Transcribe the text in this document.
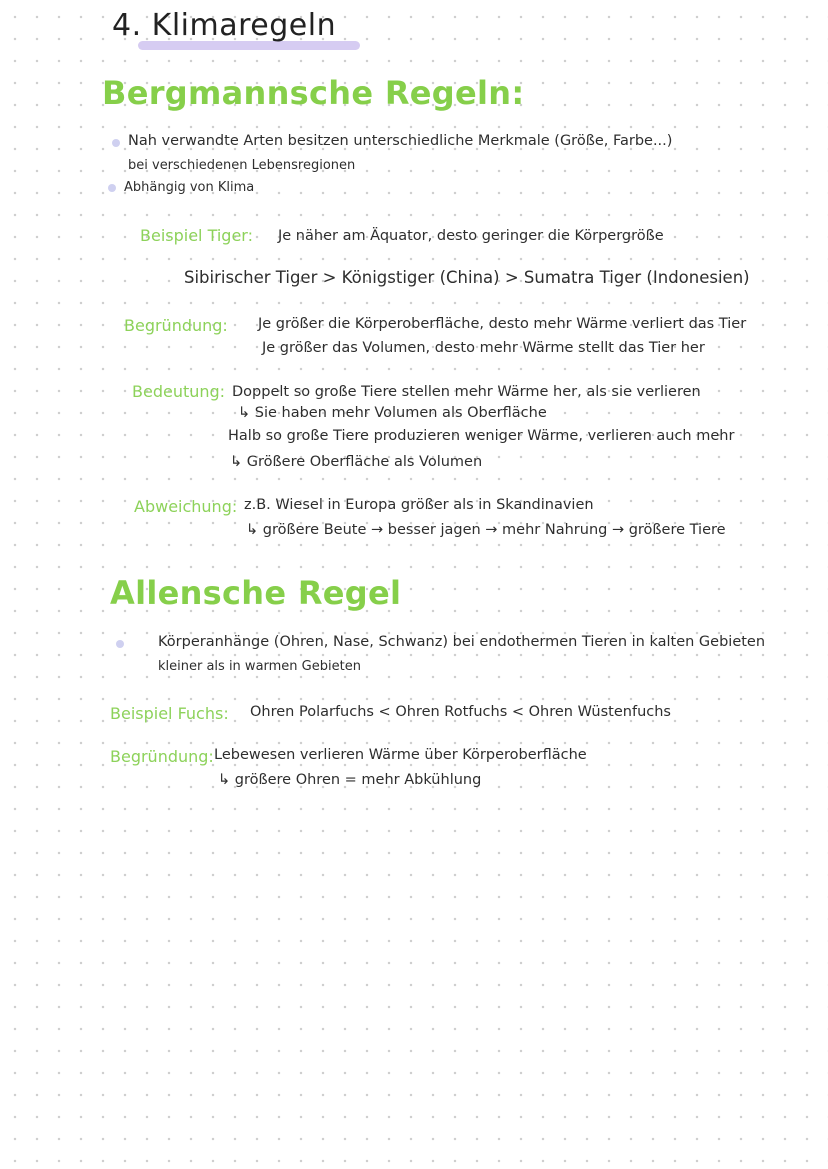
4. Klimaregeln
Bergmannsche Regeln:
Nah verwandte Arten besitzen unterschiedliche Merkmale (Größe, Farbe...)
bei verschiedenen Lebensregionen
Abhängig von Klima
Beispiel Tiger: Je näher am Äquator, desto geringer die Körpergröße
Sibirischer Tiger > Königstiger (China) > Sumatra Tiger (Indonesien)
Begründung: Je größer die Körperoberfläche, desto mehr Wärme verliert das Tier
Je größer das Volumen, desto mehr Wärme stellt das Tier her
Bedeutung: Doppelt so große Tiere stellen mehr Wärme her, als sie verlieren
↳ Sie haben mehr Volumen als Oberfläche
Halb so große Tiere produzieren weniger Wärme, verlieren auch mehr
↳ Größere Oberfläche als Volumen
Abweichung: z.B. Wiesel in Europa größer als in Skandinavien
↳ größere Beute → besser jagen → mehr Nahrung → größere Tiere
Allensche Regel
Körperanhänge (Ohren, Nase, Schwanz) bei endothermen Tieren in kalten Gebieten
kleiner als in warmen Gebieten
Beispiel Fuchs: Ohren Polarfuchs < Ohren Rotfuchs < Ohren Wüstenfuchs
Begründung: Lebewesen verlieren Wärme über Körperoberfläche
↳ größere Ohren = mehr Abkühlung
